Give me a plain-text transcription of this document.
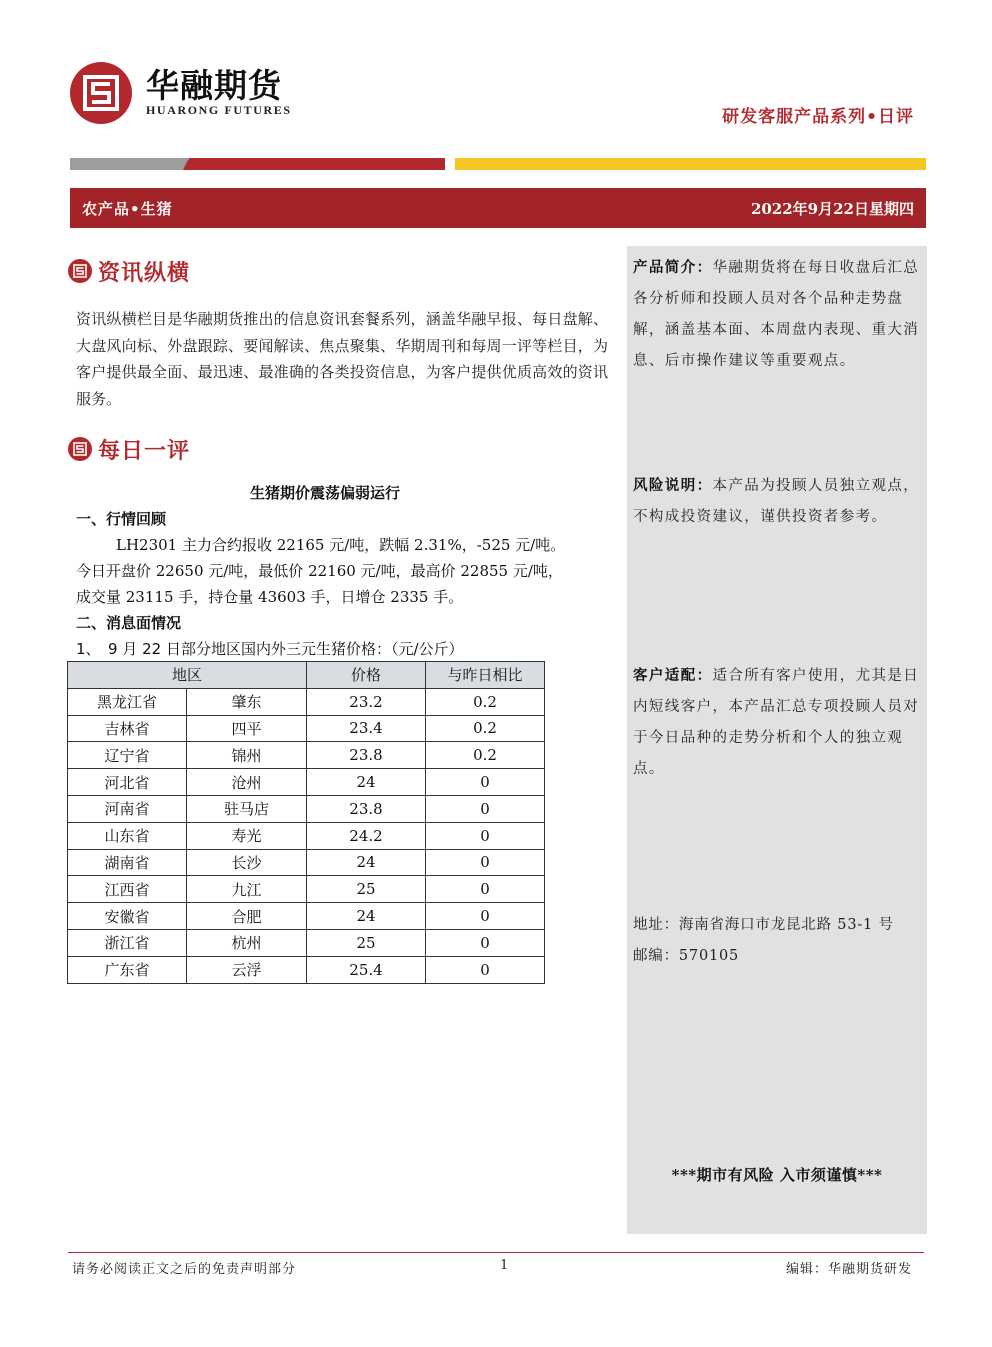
华融期货
HUARONG FUTURES	研发客服产品系列•日评
农产品•生猪	2022年9月22日星期四
资讯纵横
资讯纵横栏目是华融期货推出的信息资讯套餐系列，涵盖华融早报、每日盘解、大盘风向标、外盘跟踪、要闻解读、焦点聚集、华期周刊和每周一评等栏目，为客户提供最全面、最迅速、最准确的各类投资信息，为客户提供优质高效的资讯服务。
每日一评
生猪期价震荡偏弱运行
一、行情回顾
LH2301 主力合约报收 22165 元/吨，跌幅 2.31%，-525 元/吨。
今日开盘价 22650 元/吨，最低价 22160 元/吨，最高价 22855 元/吨，
成交量 23115 手，持仓量 43603 手，日增仓 2335 手。
二、消息面情况
1、　9 月 22 日部分地区国内外三元生猪价格：（元/公斤）
地区		价格	与昨日相比
黑龙江省	肇东	23.2	0.2
吉林省	四平	23.4	0.2
辽宁省	锦州	23.8	0.2
河北省	沧州	24	0
河南省	驻马店	23.8	0
山东省	寿光	24.2	0
湖南省	长沙	24	0
江西省	九江	25	0
安徽省	合肥	24	0
浙江省	杭州	25	0
广东省	云浮	25.4	0
产品简介：华融期货将在每日收盘后汇总各分析师和投顾人员对各个品种走势盘解，涵盖基本面、本周盘内表现、重大消息、后市操作建议等重要观点。
风险说明：本产品为投顾人员独立观点，不构成投资建议，谨供投资者参考。
客户适配：适合所有客户使用，尤其是日内短线客户，本产品汇总专项投顾人员对于今日品种的走势分析和个人的独立观点。
地址：海南省海口市龙昆北路 53-1 号
邮编：570105
***期市有风险 入市须谨慎***
请务必阅读正文之后的免责声明部分	1	编辑：华融期货研发
